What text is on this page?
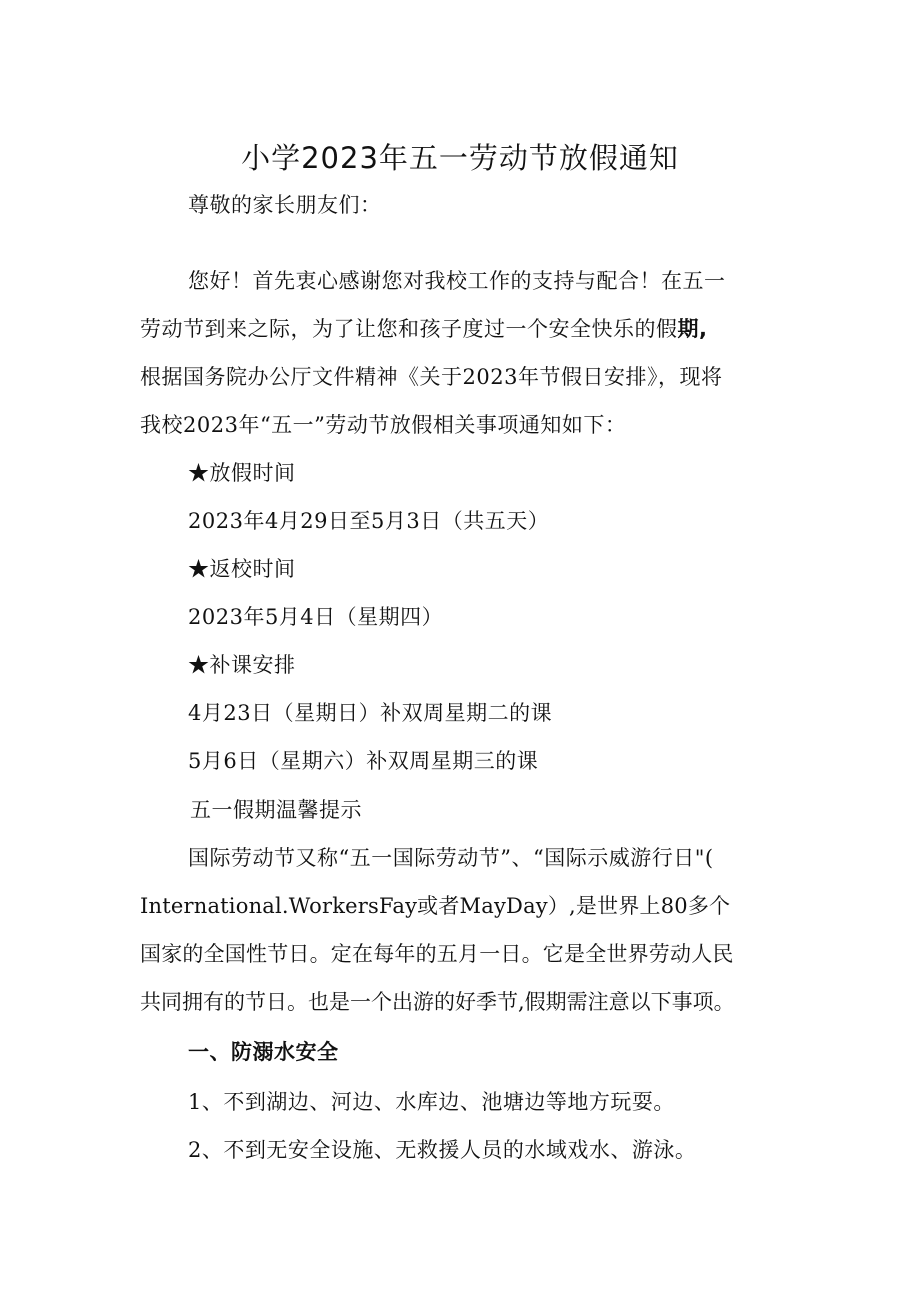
小学2023年五一劳动节放假通知
尊敬的家长朋友们：
您好！首先衷心感谢您对我校工作的支持与配合！在五一
劳动节到来之际，为了让您和孩子度过一个安全快乐的假期,
根据国务院办公厅文件精神《关于2023年节假日安排》，现将
我校2023年“五一”劳动节放假相关事项通知如下：
★放假时间
2023年4月29日至5月3日（共五天）
★返校时间
2023年5月4日（星期四）
★补课安排
4月23日（星期日）补双周星期二的课
5月6日（星期六）补双周星期三的课
五一假期温馨提示
国际劳动节又称“五一国际劳动节”、“国际示威游行日"(
International.WorkersFay或者MayDay）,是世界上80多个
国家的全国性节日。定在每年的五月一日。它是全世界劳动人民
共同拥有的节日。也是一个出游的好季节,假期需注意以下事项。
一、防溺水安全
1、不到湖边、河边、水库边、池塘边等地方玩耍。
2、不到无安全设施、无救援人员的水域戏水、游泳。
